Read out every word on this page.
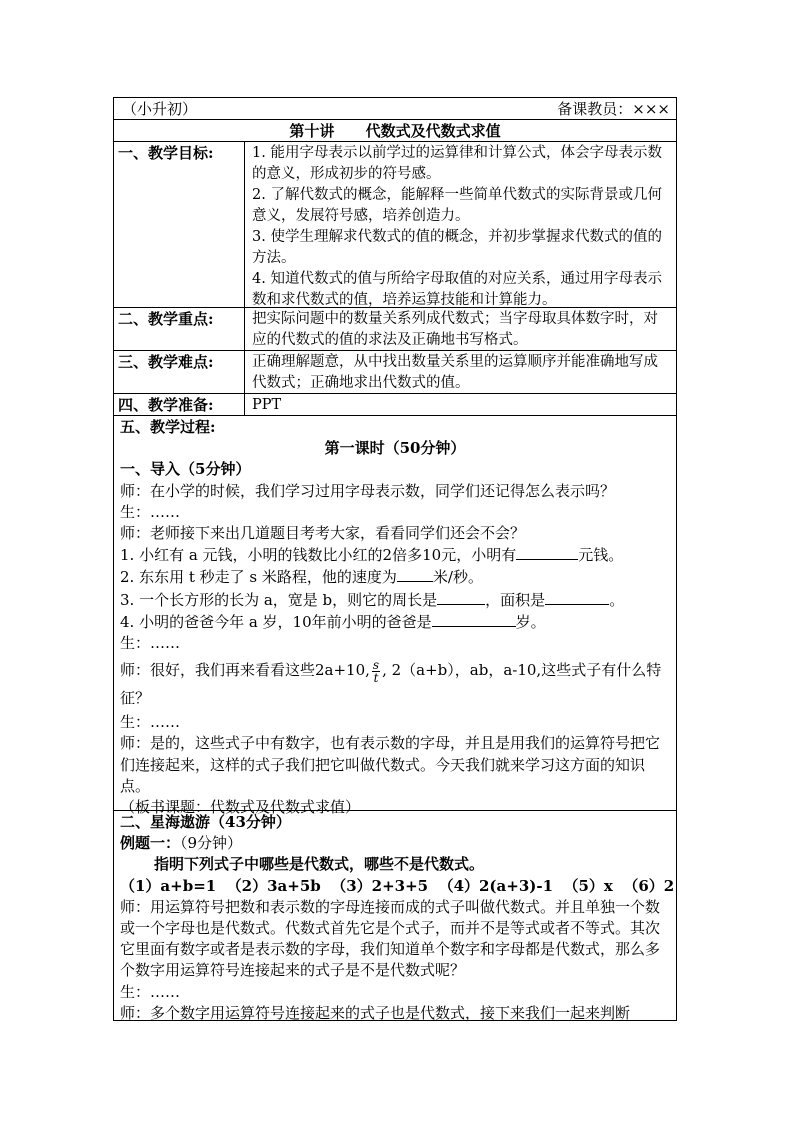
（小升初）	备课教员：×××
第十讲      代数式及代数式求值
一、教学目标:	1. 能用字母表示以前学过的运算律和计算公式，体会字母表示数的意义，形成初步的符号感。

2. 了解代数式的概念，能解释一些简单代数式的实际背景或几何意义，发展符号感，培养创造力。

3. 使学生理解求代数式的值的概念，并初步掌握求代数式的值的方法。

4. 知道代数式的值与所给字母取值的对应关系，通过用字母表示数和求代数式的值，培养运算技能和计算能力。

二、教学重点:	把实际问题中的数量关系列成代数式；当字母取具体数字时，对应的代数式的值的求法及正确地书写格式。
三、教学难点:	正确理解题意，从中找出数量关系里的运算顺序并能准确地写成代数式；正确地求出代数式的值。
四、教学准备:	PPT

五、教学过程:

第一课时（50分钟）

一、导入（5分钟）

师：在小学的时候，我们学习过用字母表示数，同学们还记得怎么表示吗？

生：……

师：老师接下来出几道题目考考大家，看看同学们还会不会？

1. 小红有 a 元钱，小明的钱数比小红的2倍多10元，小明有	元钱。

2. 东东用 t 秒走了 s 米路程，他的速度为 米/秒。

3. 一个长方形的长为 a，宽是 b，则它的周长是	，面积是	。

4. 小明的爸爸今年 a 岁，10年前小明的爸爸是	岁。

生：……

师：很好，我们再来看看这些2a+10, $\frac{s}{t}$ , 2（a+b），ab，a-10,这些式子有什么特征？

生：……

师：是的，这些式子中有数字，也有表示数的字母，并且是用我们的运算符号把它们连接起来，这样的式子我们把它叫做代数式。今天我们就来学习这方面的知识点。

（板书课题：代数式及代数式求值）

二、星海遨游（43分钟）

例题一：（9分钟）

指明下列式子中哪些是代数式，哪些不是代数式。

（1）a+b=1 （2）3a+5b （3）2+3+5 （4）2(a+3)-1 （5）x （6）2

师：用运算符号把数和表示数的字母连接而成的式子叫做代数式。并且单独一个数或一个字母也是代数式。代数式首先它是个式子，而并不是等式或者不等式。其次它里面有数字或者是表示数的字母，我们知道单个数字和字母都是代数式，那么多个数字用运算符号连接起来的式子是不是代数式呢？

生：……

师：多个数字用运算符号连接起来的式子也是代数式，接下来我们一起来判断
